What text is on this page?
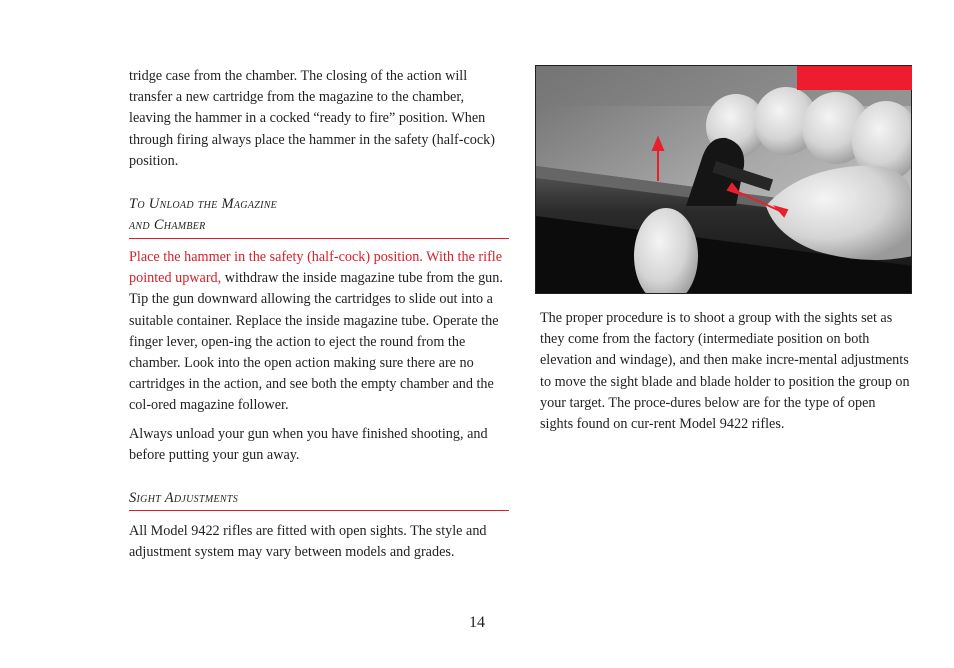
tridge case from the chamber. The closing of the action will transfer a new cartridge from the magazine to the chamber, leaving the hammer in a cocked “ready to fire” position. When through firing always place the hammer in the safety (half-cock) position.

To Unload the Magazine
and Chamber

Place the hammer in the safety (half-cock) position. With the rifle pointed upward, withdraw the inside magazine tube from the gun. Tip the gun downward allowing the cartridges to slide out into a suitable container. Replace the inside magazine tube. Operate the finger lever, open-ing the action to eject the round from the chamber. Look into the open action making sure there are no cartridges in the action, and see both the empty chamber and the col-ored magazine follower.

Always unload your gun when you have finished shooting, and before putting your gun away.

Sight Adjustments

All Model 9422 rifles are fitted with open sights. The style and adjustment system may vary between models and grades.

The proper procedure is to shoot a group with the sights set as they come from the factory (intermediate position on both elevation and windage), and then make incre-mental adjustments to move the sight blade and blade holder to position the group on your target. The proce-dures below are for the type of open sights found on cur-rent Model 9422 rifles.

14
